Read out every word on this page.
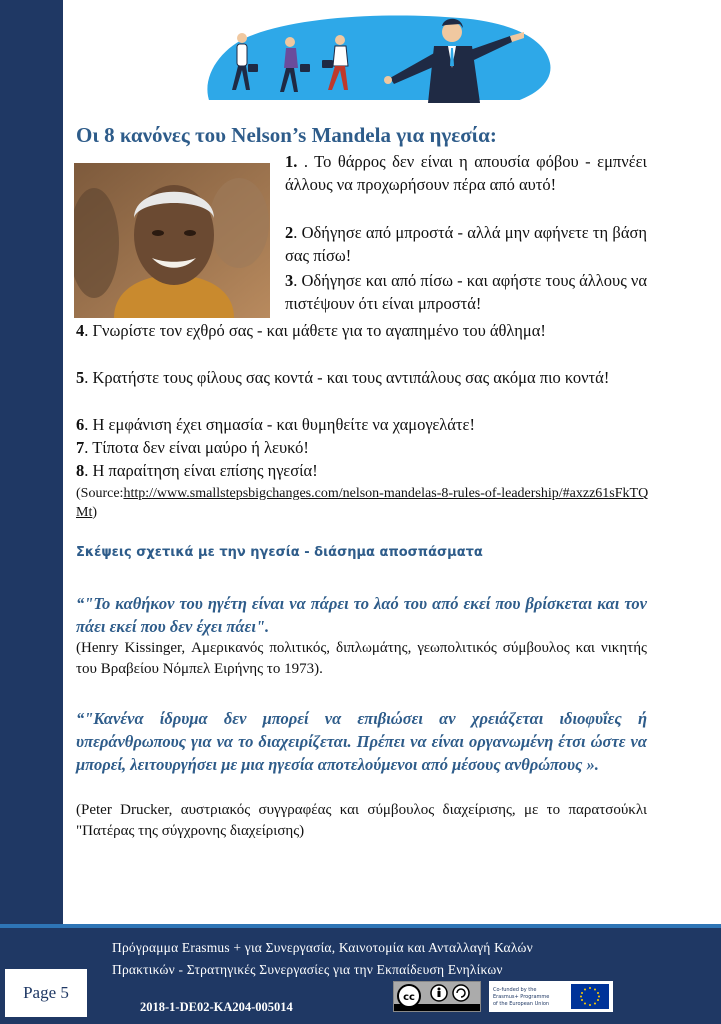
Οι 8 κανόνες του Nelson’s Mandela για ηγεσία:
1. . Το θάρρος δεν είναι η απουσία φόβου - εμπνέει άλλους να προχωρήσουν πέρα από αυτό!
2. Οδήγησε από μπροστά - αλλά μην αφήνετε τη βάση σας πίσω!
3. Οδήγησε και από πίσω - και αφήστε τους άλλους να πιστέψουν ότι είναι μπροστά!
4. Γνωρίστε τον εχθρό σας - και μάθετε για το αγαπημένο του άθλημα!
5. Κρατήστε τους φίλους σας κοντά - και τους αντιπάλους σας ακόμα πιο κοντά!
6. Η εμφάνιση έχει σημασία - και θυμηθείτε να χαμογελάτε!
7. Τίποτα δεν είναι μαύρο ή λευκό!
8. Η παραίτηση είναι επίσης ηγεσία!
(Source:http://www.smallstepsbigchanges.com/nelson-mandelas-8-rules-of-leadership/#axzz61sFkTQMt)
Σκέψεις σχετικά με την ηγεσία - διάσημα αποσπάσματα
“"Το καθήκον του ηγέτη είναι να πάρει το λαό του από εκεί που βρίσκεται και τον πάει εκεί που δεν έχει πάει".
(Henry Kissinger, Αμερικανός πολιτικός, διπλωμάτης, γεωπολιτικός σύμβουλος και νικητής του Βραβείου Νόμπελ Ειρήνης το 1973).
“"Κανένα ίδρυμα δεν μπορεί να επιβιώσει αν χρειάζεται ιδιοφυΐες ή υπεράνθρωπους για να το διαχειρίζεται. Πρέπει να είναι οργανωμένη έτσι ώστε να μπορεί, λειτουργήσει με μια ηγεσία αποτελούμενοι από μέσους ανθρώπους ».
(Peter Drucker, αυστριακός συγγραφέας και σύμβουλος διαχείρισης, με το παρατσούκλι "Πατέρας της σύγχρονης διαχείρισης)
Πρόγραμμα Erasmus + για Συνεργασία, Καινοτομία και Ανταλλαγή Καλών
Πρακτικών - Στρατηγικές Συνεργασίες για την Εκπαίδευση Ενηλίκων
Page 5
2018-1-DE02-KA204-005014
cc
Co-funded by the
Erasmus+ Programme
of the European Union
